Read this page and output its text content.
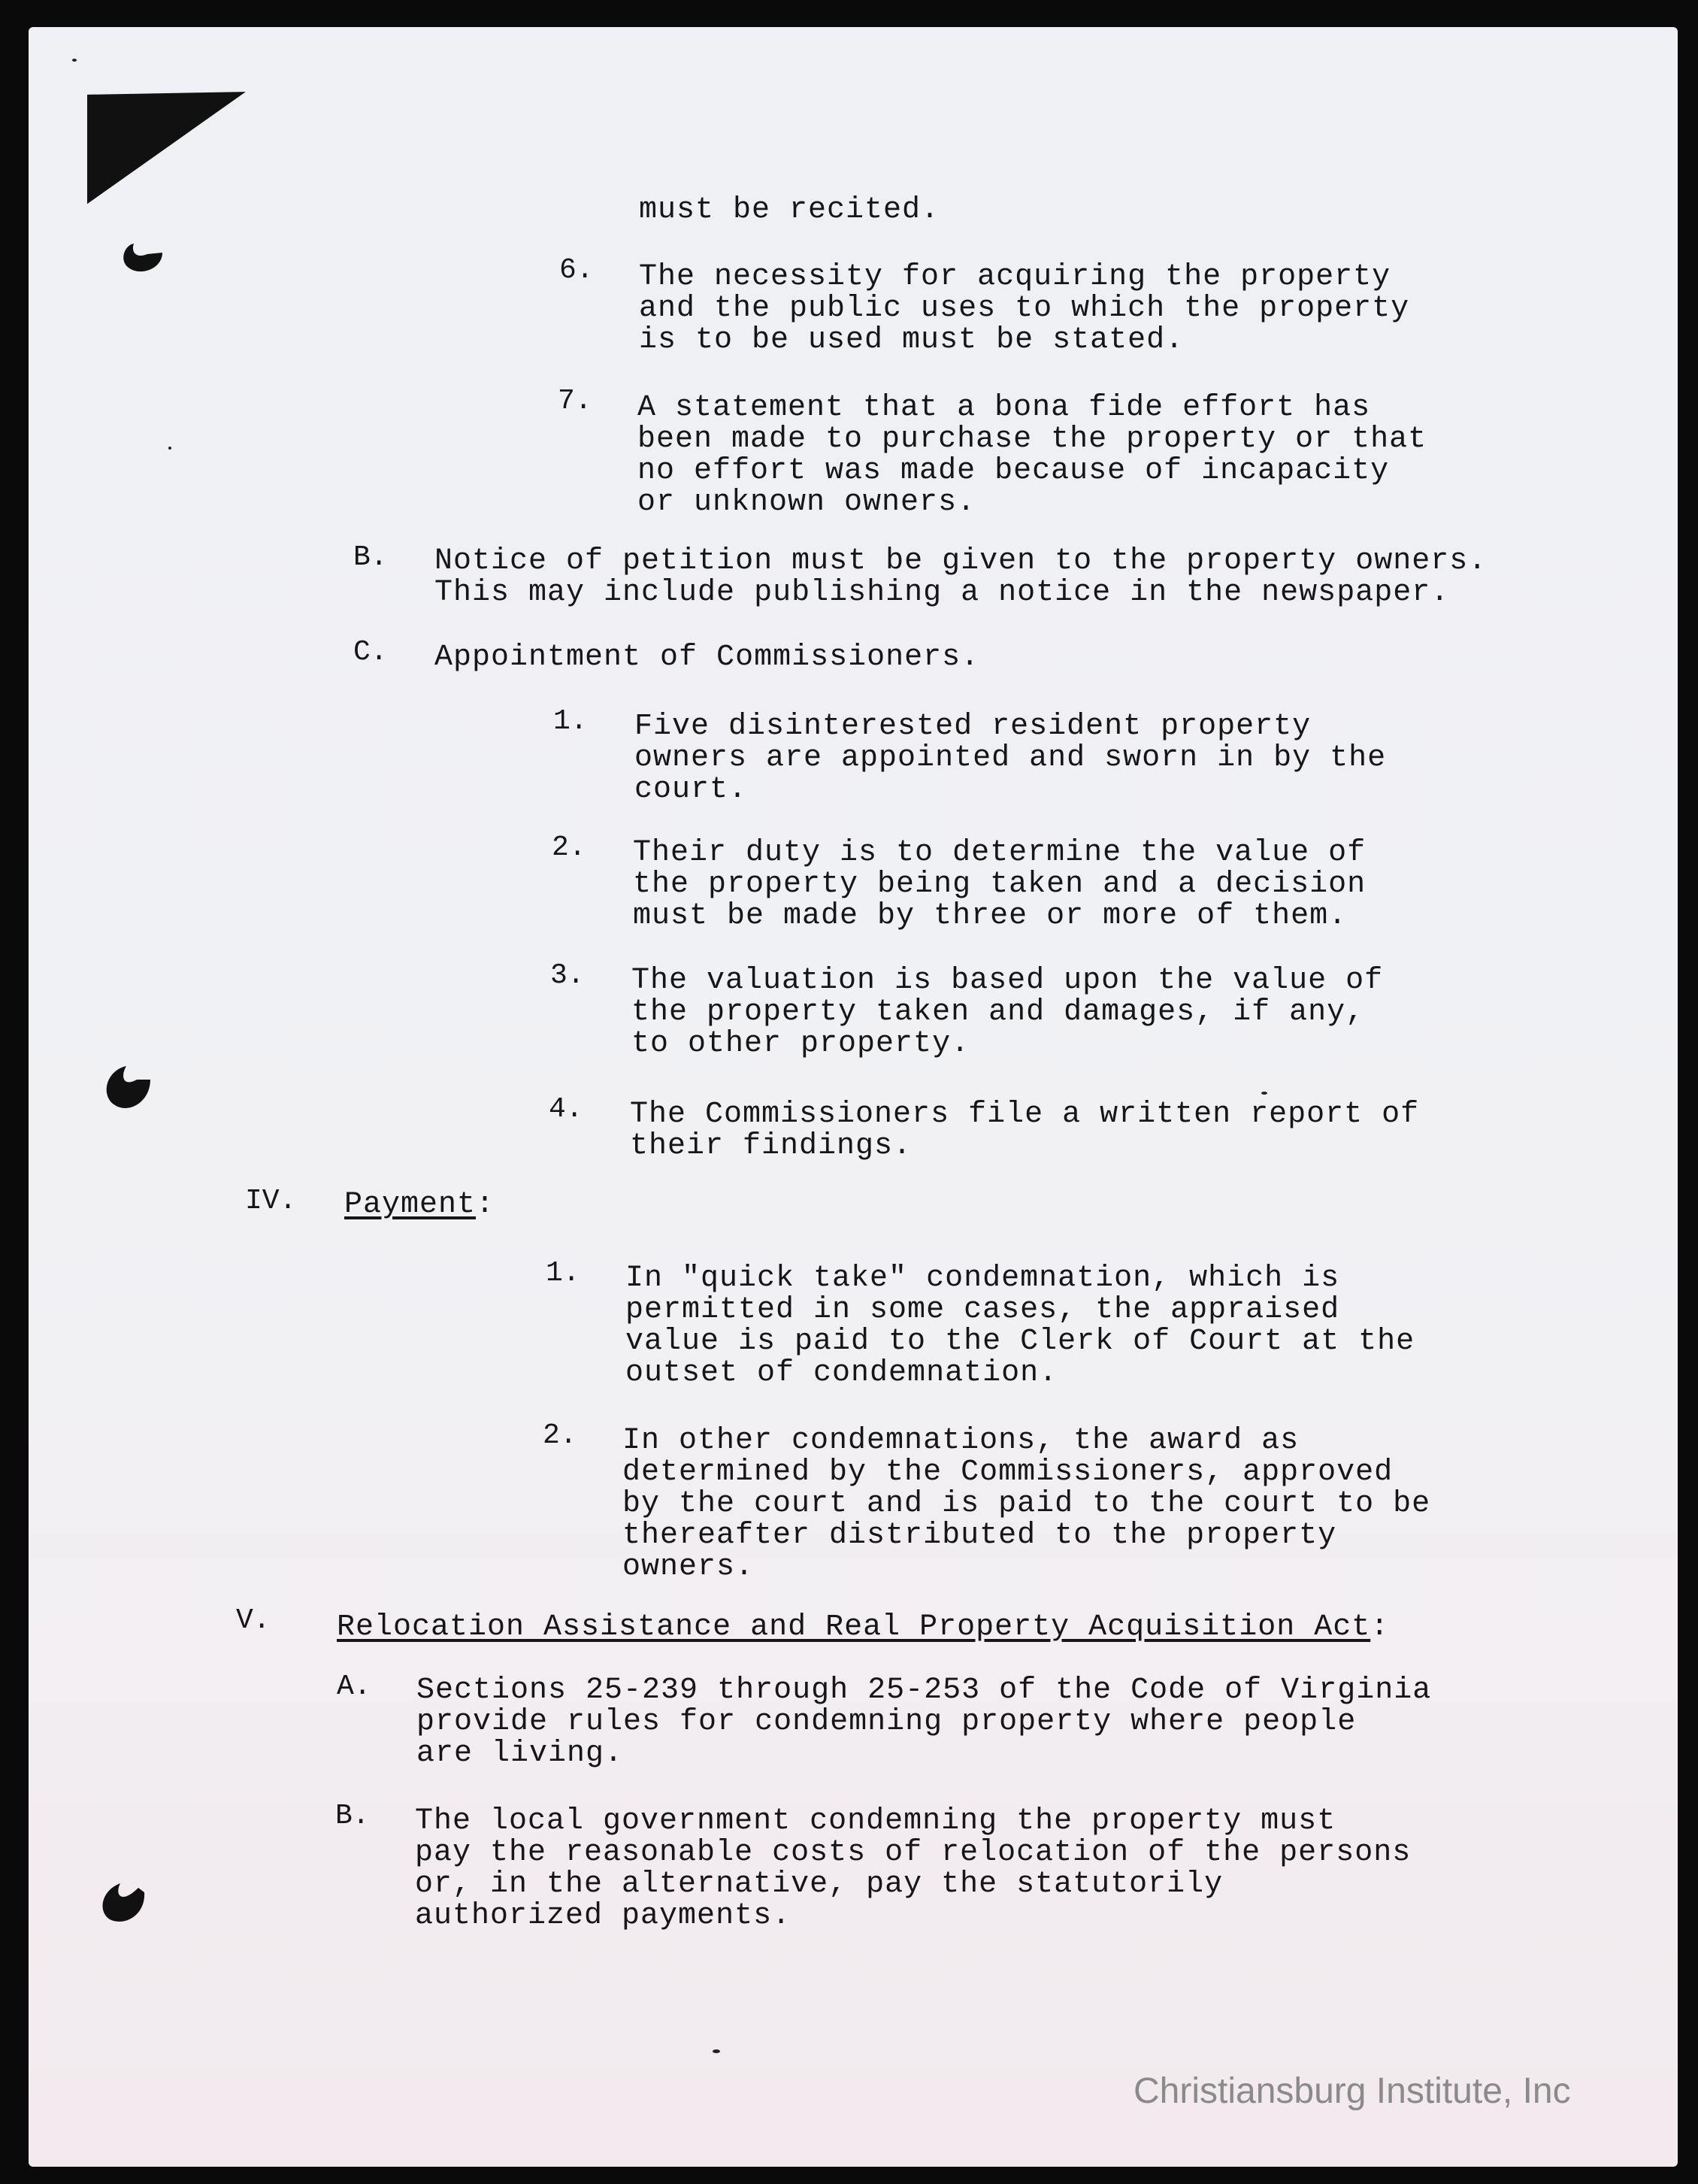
must be recited.
6. The necessity for acquiring the property
and the public uses to which the property
is to be used must be stated.
7. A statement that a bona fide effort has
been made to purchase the property or that
no effort was made because of incapacity
or unknown owners.
B. Notice of petition must be given to the property owners.
This may include publishing a notice in the newspaper.
C. Appointment of Commissioners.
1. Five disinterested resident property
owners are appointed and sworn in by the
court.
2. Their duty is to determine the value of
the property being taken and a decision
must be made by three or more of them.
3. The valuation is based upon the value of
the property taken and damages, if any,
to other property.
4. The Commissioners file a written report of
their findings.
IV. Payment:
1. In "quick take" condemnation, which is
permitted in some cases, the appraised
value is paid to the Clerk of Court at the
outset of condemnation.
2. In other condemnations, the award as
determined by the Commissioners, approved
by the court and is paid to the court to be
thereafter distributed to the property
owners.
V. Relocation Assistance and Real Property Acquisition Act:
A. Sections 25-239 through 25-253 of the Code of Virginia
provide rules for condemning property where people
are living.
B. The local government condemning the property must
pay the reasonable costs of relocation of the persons
or, in the alternative, pay the statutorily
authorized payments.
Christiansburg Institute, Inc
